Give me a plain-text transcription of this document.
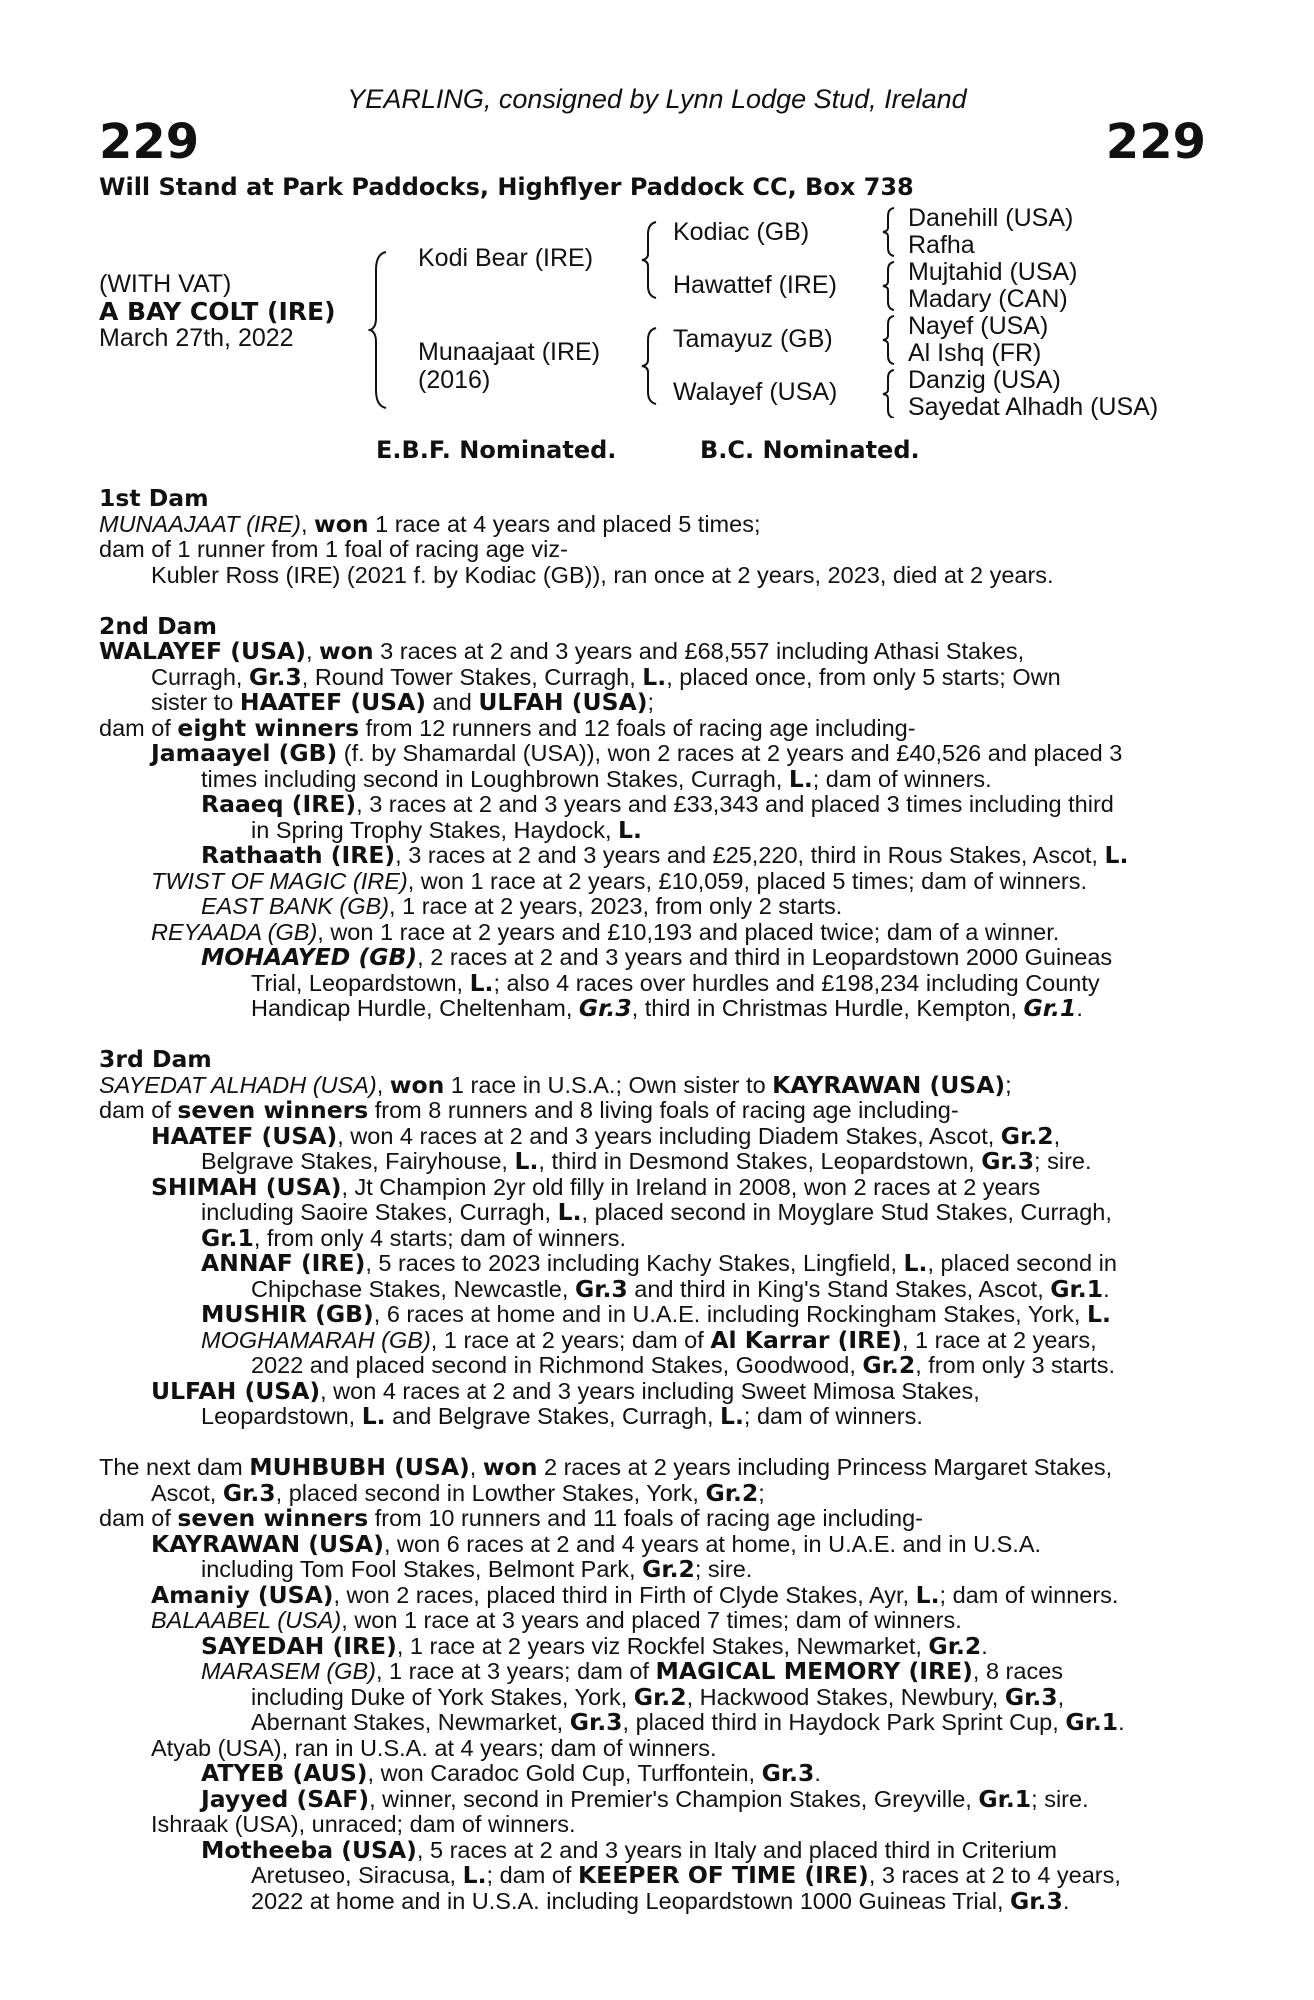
YEARLING, consigned by Lynn Lodge Stud, Ireland
229	229
Will Stand at Park Paddocks, Highflyer Paddock CC, Box 738
(WITH VAT)
A BAY COLT (IRE)
March 27th, 2022
Kodi Bear (IRE)
Munaajaat (IRE)
(2016)
Kodiac (GB)
Hawattef (IRE)
Tamayuz (GB)
Walayef (USA)
Danehill (USA)
Rafha
Mujtahid (USA)
Madary (CAN)
Nayef (USA)
Al Ishq (FR)
Danzig (USA)
Sayedat Alhadh (USA)
E.B.F. Nominated.	B.C. Nominated.
1st Dam
MUNAAJAAT (IRE), won 1 race at 4 years and placed 5 times;
dam of 1 runner from 1 foal of racing age viz-
Kubler Ross (IRE) (2021 f. by Kodiac (GB)), ran once at 2 years, 2023, died at 2 years.
2nd Dam
WALAYEF (USA), won 3 races at 2 and 3 years and £68,557 including Athasi Stakes,
Curragh, Gr.3, Round Tower Stakes, Curragh, L., placed once, from only 5 starts; Own
sister to HAATEF (USA) and ULFAH (USA);
dam of eight winners from 12 runners and 12 foals of racing age including-
Jamaayel (GB) (f. by Shamardal (USA)), won 2 races at 2 years and £40,526 and placed 3
times including second in Loughbrown Stakes, Curragh, L.; dam of winners.
Raaeq (IRE), 3 races at 2 and 3 years and £33,343 and placed 3 times including third
in Spring Trophy Stakes, Haydock, L.
Rathaath (IRE), 3 races at 2 and 3 years and £25,220, third in Rous Stakes, Ascot, L.
TWIST OF MAGIC (IRE), won 1 race at 2 years, £10,059, placed 5 times; dam of winners.
EAST BANK (GB), 1 race at 2 years, 2023, from only 2 starts.
REYAADA (GB), won 1 race at 2 years and £10,193 and placed twice; dam of a winner.
MOHAAYED (GB), 2 races at 2 and 3 years and third in Leopardstown 2000 Guineas
Trial, Leopardstown, L.; also 4 races over hurdles and £198,234 including County
Handicap Hurdle, Cheltenham, Gr.3, third in Christmas Hurdle, Kempton, Gr.1.
3rd Dam
SAYEDAT ALHADH (USA), won 1 race in U.S.A.; Own sister to KAYRAWAN (USA);
dam of seven winners from 8 runners and 8 living foals of racing age including-
HAATEF (USA), won 4 races at 2 and 3 years including Diadem Stakes, Ascot, Gr.2,
Belgrave Stakes, Fairyhouse, L., third in Desmond Stakes, Leopardstown, Gr.3; sire.
SHIMAH (USA), Jt Champion 2yr old filly in Ireland in 2008, won 2 races at 2 years
including Saoire Stakes, Curragh, L., placed second in Moyglare Stud Stakes, Curragh,
Gr.1, from only 4 starts; dam of winners.
ANNAF (IRE), 5 races to 2023 including Kachy Stakes, Lingfield, L., placed second in
Chipchase Stakes, Newcastle, Gr.3 and third in King's Stand Stakes, Ascot, Gr.1.
MUSHIR (GB), 6 races at home and in U.A.E. including Rockingham Stakes, York, L.
MOGHAMARAH (GB), 1 race at 2 years; dam of Al Karrar (IRE), 1 race at 2 years,
2022 and placed second in Richmond Stakes, Goodwood, Gr.2, from only 3 starts.
ULFAH (USA), won 4 races at 2 and 3 years including Sweet Mimosa Stakes,
Leopardstown, L. and Belgrave Stakes, Curragh, L.; dam of winners.
The next dam MUHBUBH (USA), won 2 races at 2 years including Princess Margaret Stakes,
Ascot, Gr.3, placed second in Lowther Stakes, York, Gr.2;
dam of seven winners from 10 runners and 11 foals of racing age including-
KAYRAWAN (USA), won 6 races at 2 and 4 years at home, in U.A.E. and in U.S.A.
including Tom Fool Stakes, Belmont Park, Gr.2; sire.
Amaniy (USA), won 2 races, placed third in Firth of Clyde Stakes, Ayr, L.; dam of winners.
BALAABEL (USA), won 1 race at 3 years and placed 7 times; dam of winners.
SAYEDAH (IRE), 1 race at 2 years viz Rockfel Stakes, Newmarket, Gr.2.
MARASEM (GB), 1 race at 3 years; dam of MAGICAL MEMORY (IRE), 8 races
including Duke of York Stakes, York, Gr.2, Hackwood Stakes, Newbury, Gr.3,
Abernant Stakes, Newmarket, Gr.3, placed third in Haydock Park Sprint Cup, Gr.1.
Atyab (USA), ran in U.S.A. at 4 years; dam of winners.
ATYEB (AUS), won Caradoc Gold Cup, Turffontein, Gr.3.
Jayyed (SAF), winner, second in Premier's Champion Stakes, Greyville, Gr.1; sire.
Ishraak (USA), unraced; dam of winners.
Motheeba (USA), 5 races at 2 and 3 years in Italy and placed third in Criterium
Aretuseo, Siracusa, L.; dam of KEEPER OF TIME (IRE), 3 races at 2 to 4 years,
2022 at home and in U.S.A. including Leopardstown 1000 Guineas Trial, Gr.3.
